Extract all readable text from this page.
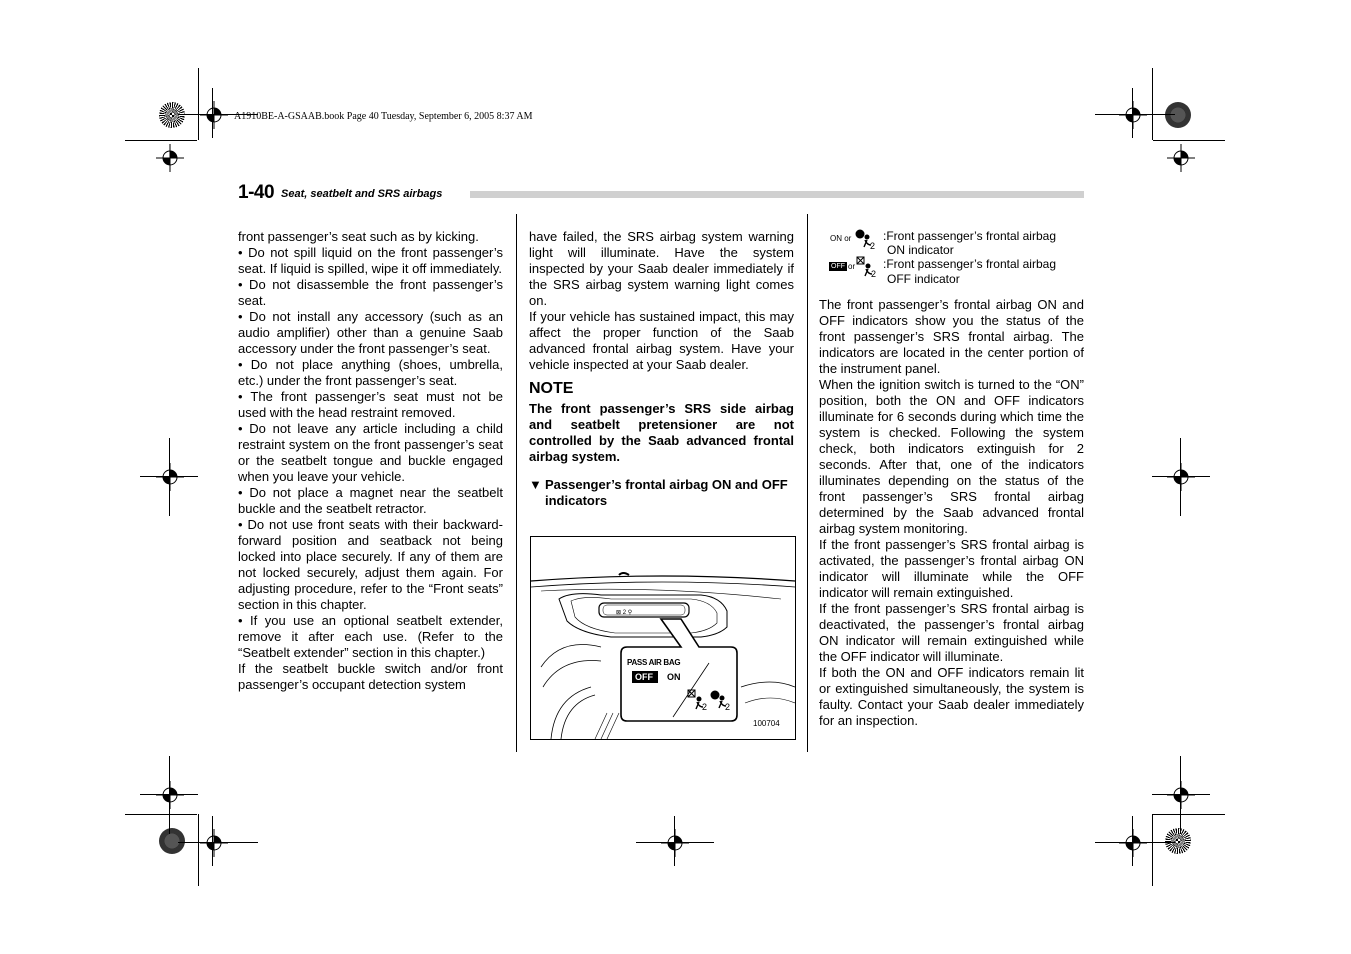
A1910BE-A-GSAAB.book Page 40 Tuesday, September 6, 2005 8:37 AM
1-40 Seat, seatbelt and SRS airbags

front passenger’s seat such as by kicking.

• Do not spill liquid on the front passenger’s seat. If liquid is spilled, wipe it off immediately.

• Do not disassemble the front passenger’s seat.

• Do not install any accessory (such as an audio amplifier) other than a genuine Saab accessory under the front passenger’s seat.

• Do not place anything (shoes, umbrella, etc.) under the front passenger’s seat.

• The front passenger’s seat must not be used with the head restraint removed.

• Do not leave any article including a child restraint system on the front passenger’s seat or the seatbelt tongue and buckle engaged when you leave your vehicle.

• Do not place a magnet near the seatbelt buckle and the seatbelt retractor.

• Do not use front seats with their backward-forward position and seatback not being locked into place securely. If any of them are not locked securely, adjust them again. For adjusting procedure, refer to the “Front seats” section in this chapter.

• If you use an optional seatbelt extender, remove it after each use. (Refer to the “Seatbelt extender” section in this chapter.)

If the seatbelt buckle switch and/or front passenger’s occupant detection system

have failed, the SRS airbag system warning light will illuminate. Have the system inspected by your Saab dealer immediately if the SRS airbag system warning light comes on.

If your vehicle has sustained impact, this may affect the proper function of the Saab advanced frontal airbag system. Have your vehicle inspected at your Saab dealer.

NOTE

The front passenger’s SRS side airbag and seatbelt pretensioner are not controlled by the Saab advanced frontal airbag system.

▼ Passenger’s frontal airbag ON and OFF indicators

⊠ 2 ⚲
PASS AIR BAG
OFF ON
2 2
100704
ON or
2
:Front passenger’s frontal airbag
ON indicator
OFF or
2
:Front passenger’s frontal airbag
OFF indicator

The front passenger’s frontal airbag ON and OFF indicators show you the status of the front passenger’s SRS frontal airbag. The indicators are located in the center portion of the instrument panel.

When the ignition switch is turned to the “ON” position, both the ON and OFF indicators illuminate for 6 seconds during which time the system is checked. Following the system check, both indicators extinguish for 2 seconds. After that, one of the indicators illuminates depending on the status of the front passenger’s SRS frontal airbag determined by the Saab advanced frontal airbag system monitoring.

If the front passenger’s SRS frontal airbag is activated, the passenger’s frontal airbag ON indicator will illuminate while the OFF indicator will remain extinguished.

If the front passenger’s SRS frontal airbag is deactivated, the passenger’s frontal airbag ON indicator will remain extinguished while the OFF indicator will illuminate.

If both the ON and OFF indicators remain lit or extinguished simultaneously, the system is faulty. Contact your Saab dealer immediately for an inspection.
